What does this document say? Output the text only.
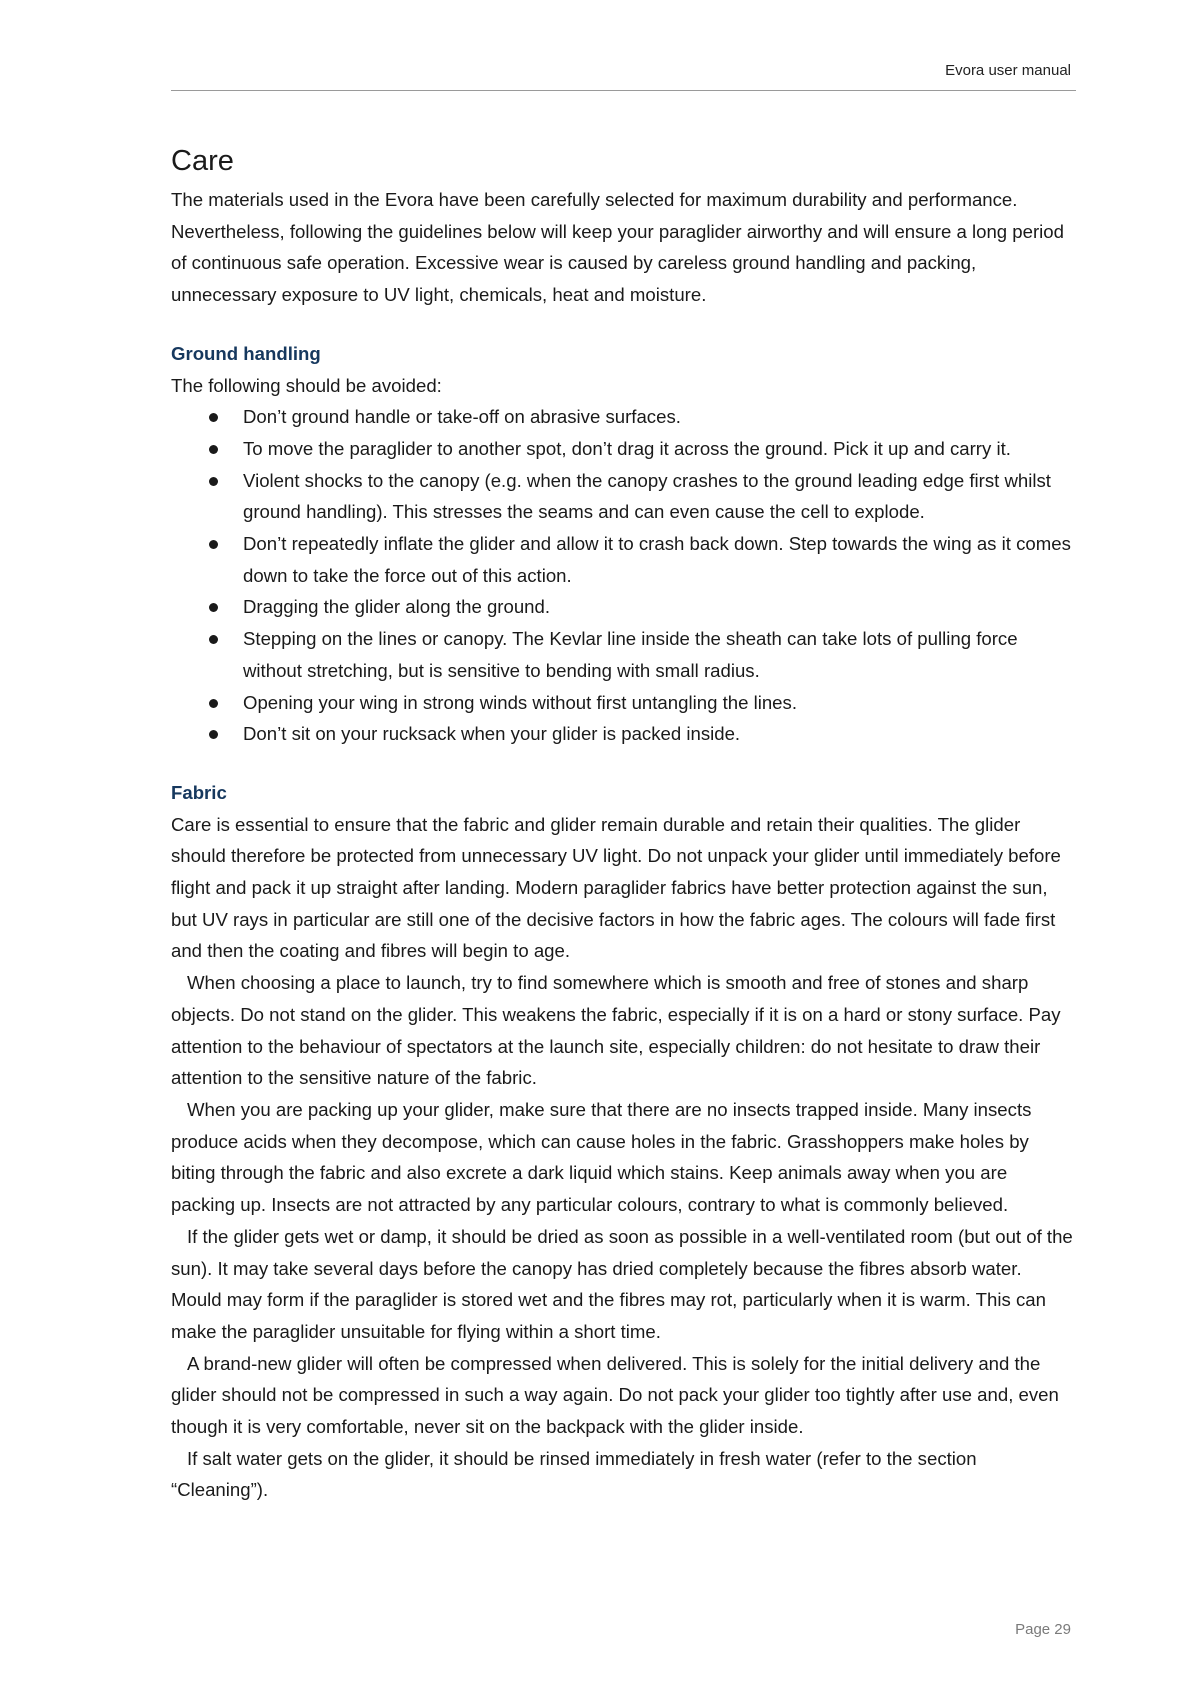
Evora user manual
Care

The materials used in the Evora have been carefully selected for maximum durability and performance. Nevertheless, following the guidelines below will keep your paraglider airworthy and will ensure a long period of continuous safe operation. Excessive wear is caused by careless ground handling and packing, unnecessary exposure to UV light, chemicals, heat and moisture.

Ground handling

The following should be avoided:

Don’t ground handle or take-off on abrasive surfaces.
To move the paraglider to another spot, don’t drag it across the ground. Pick it up and carry it.
Violent shocks to the canopy (e.g. when the canopy crashes to the ground leading edge first whilst ground handling). This stresses the seams and can even cause the cell to explode.
Don’t repeatedly inflate the glider and allow it to crash back down. Step towards the wing as it comes down to take the force out of this action.
Dragging the glider along the ground.
Stepping on the lines or canopy. The Kevlar line inside the sheath can take lots of pulling force without stretching, but is sensitive to bending with small radius.
Opening your wing in strong winds without first untangling the lines.
Don’t sit on your rucksack when your glider is packed inside.
Fabric

Care is essential to ensure that the fabric and glider remain durable and retain their qualities. The glider should therefore be protected from unnecessary UV light. Do not unpack your glider until immediately before flight and pack it up straight after landing. Modern paraglider fabrics have better protection against the sun, but UV rays in particular are still one of the decisive factors in how the fabric ages. The colours will fade first and then the coating and fibres will begin to age.

When choosing a place to launch, try to find somewhere which is smooth and free of stones and sharp objects. Do not stand on the glider. This weakens the fabric, especially if it is on a hard or stony surface. Pay attention to the behaviour of spectators at the launch site, especially children: do not hesitate to draw their attention to the sensitive nature of the fabric.

When you are packing up your glider, make sure that there are no insects trapped inside. Many insects produce acids when they decompose, which can cause holes in the fabric. Grasshoppers make holes by biting through the fabric and also excrete a dark liquid which stains. Keep animals away when you are packing up. Insects are not attracted by any particular colours, contrary to what is commonly believed.

If the glider gets wet or damp, it should be dried as soon as possible in a well-ventilated room (but out of the sun). It may take several days before the canopy has dried completely because the fibres absorb water. Mould may form if the paraglider is stored wet and the fibres may rot, particularly when it is warm. This can make the paraglider unsuitable for flying within a short time.

A brand-new glider will often be compressed when delivered. This is solely for the initial delivery and the glider should not be compressed in such a way again. Do not pack your glider too tightly after use and, even though it is very comfortable, never sit on the backpack with the glider inside.

If salt water gets on the glider, it should be rinsed immediately in fresh water (refer to the section “Cleaning”).

Page 29
